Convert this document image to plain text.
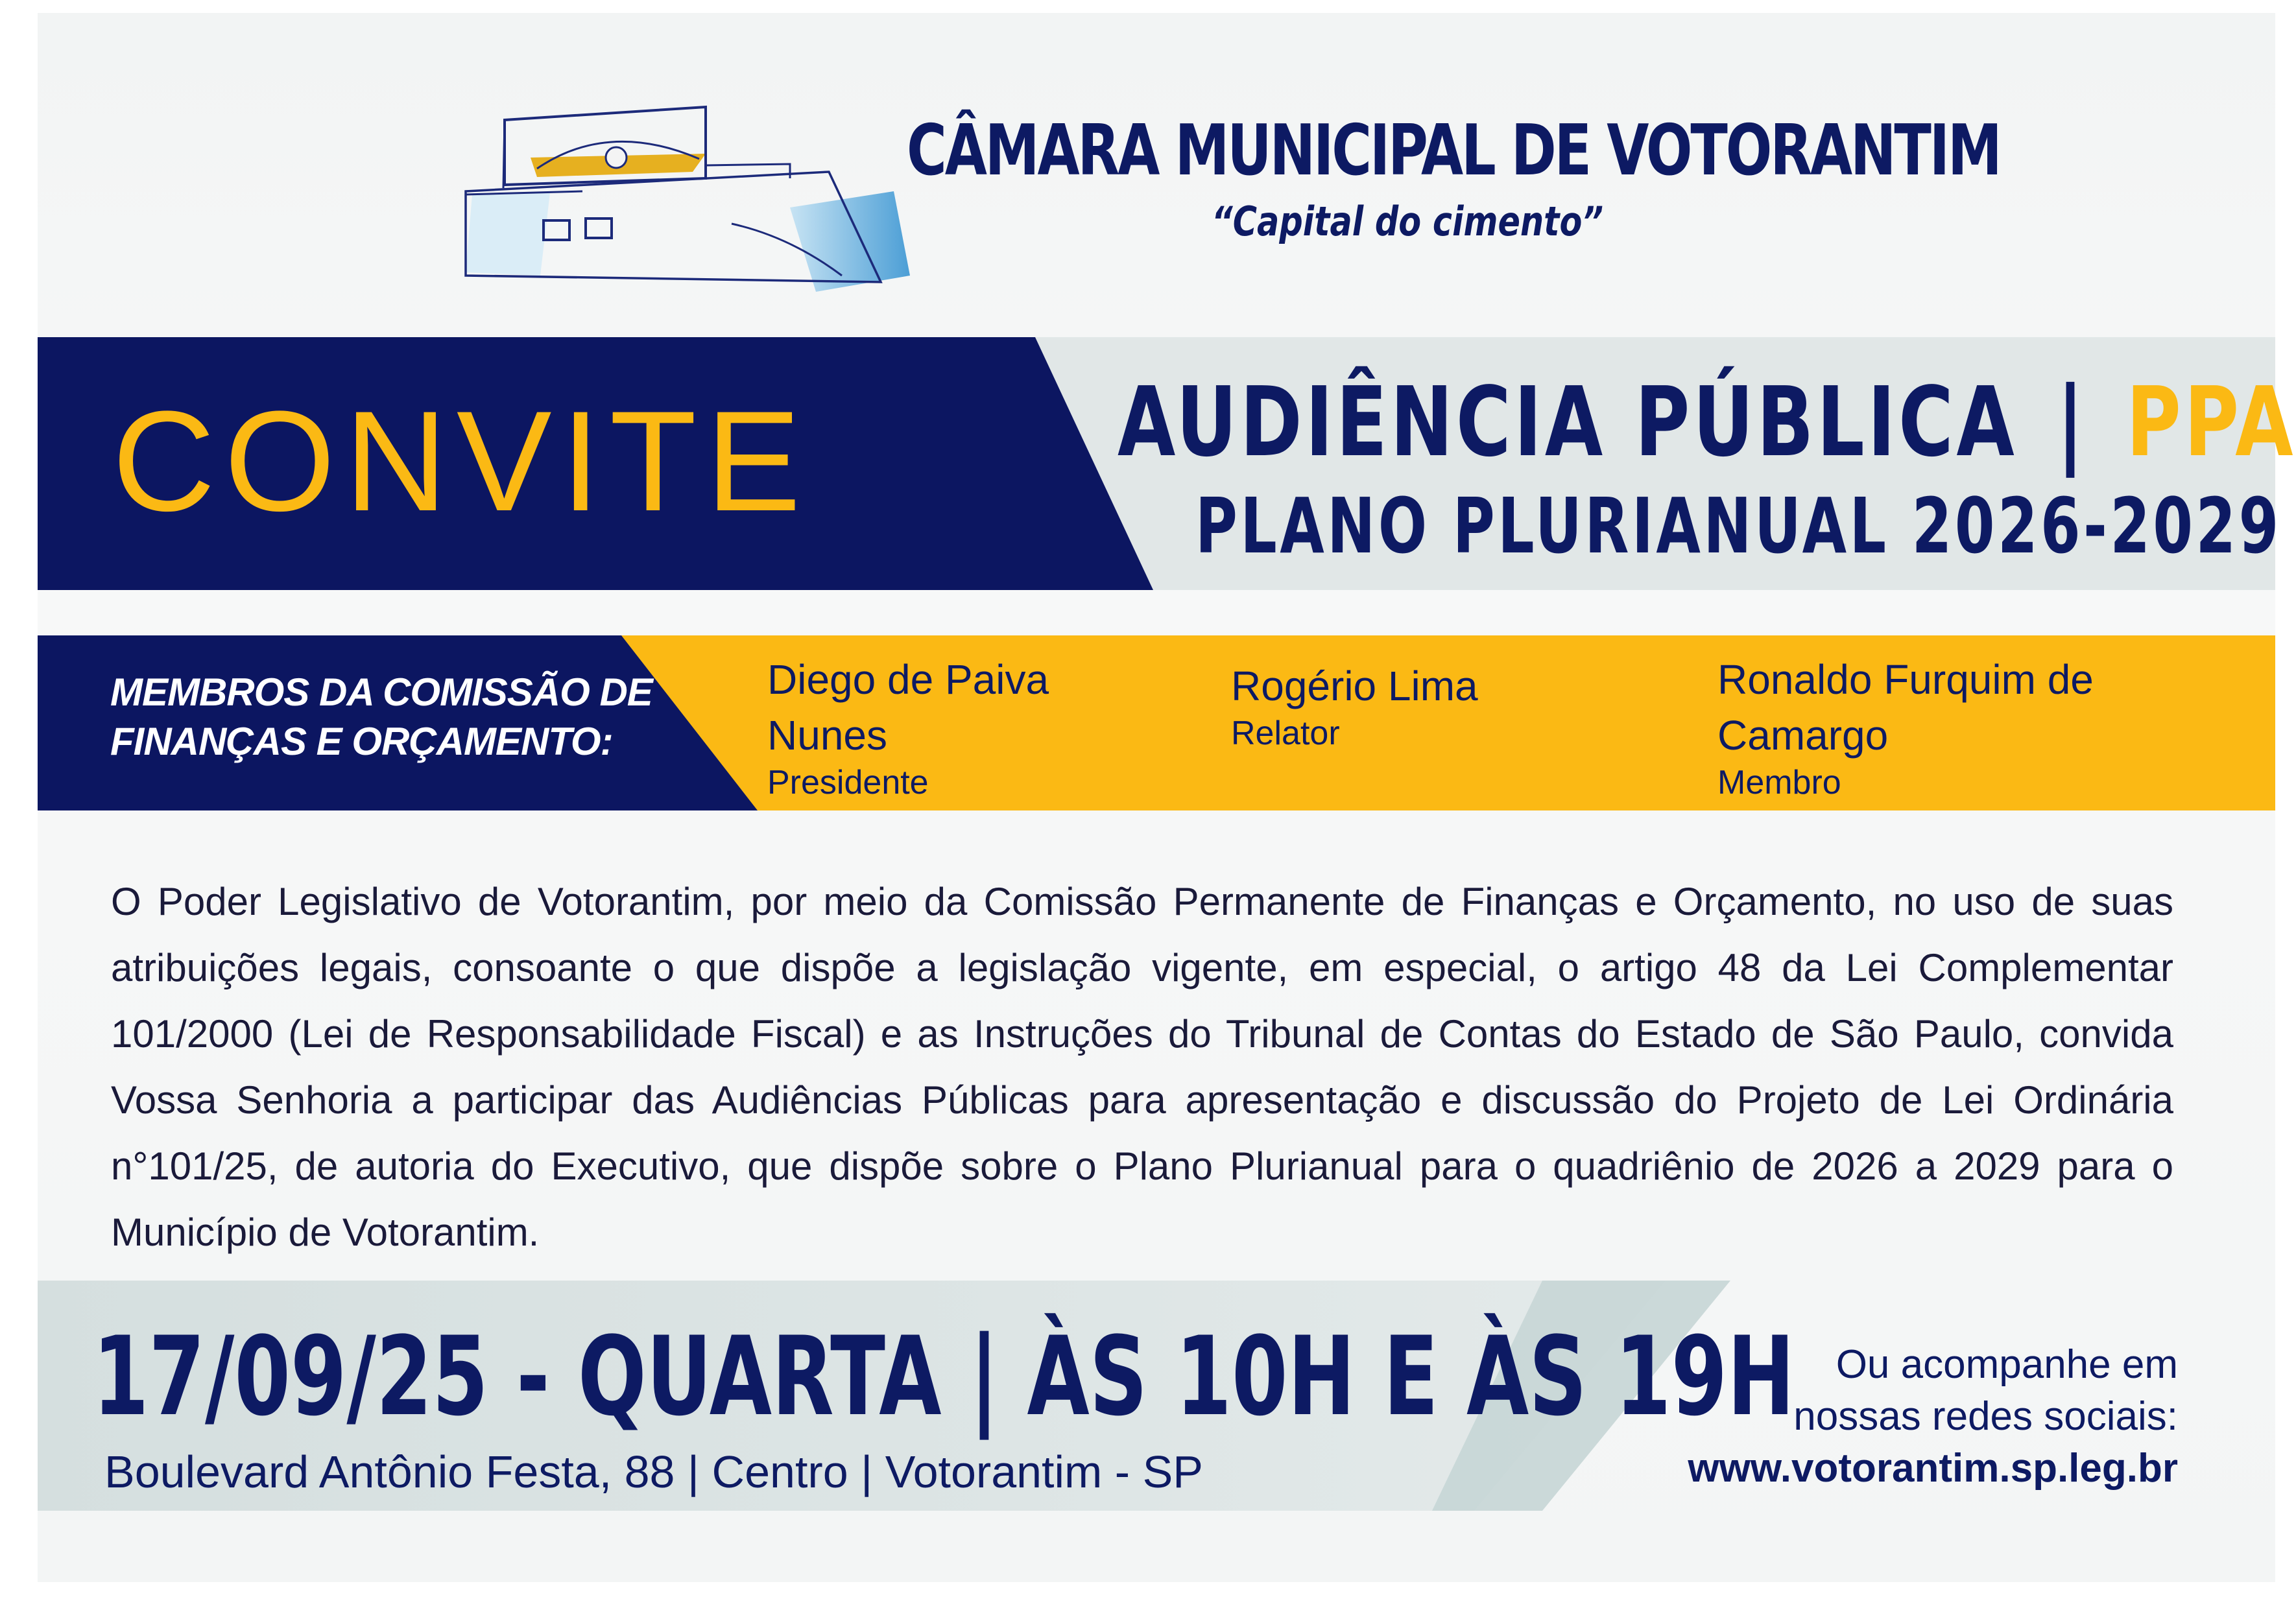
CÂMARA MUNICIPAL DE VOTORANTIM
“Capital do cimento”
CONVITE	AUDIÊNCIA PÚBLICA | PPA
PLANO PLURIANUAL 2026-2029
MEMBROS DA COMISSÃO DE
FINANÇAS E ORÇAMENTO:
Diego de Paiva Nunes
Presidente
Rogério Lima
Relator
Ronaldo Furquim de Camargo
Membro
O Poder Legislativo de Votorantim, por meio da Comissão Permanente de Finanças e Orçamento, no uso de suas atribuições legais, consoante o que dispõe a legislação vigente, em especial, o artigo 48 da Lei Complementar 101/2000 (Lei de Responsabilidade Fiscal) e as Instruções do Tribunal de Contas do Estado de São Paulo, convida Vossa Senhoria a participar das Audiências Públicas para apresentação e discussão do Projeto de Lei Ordinária n°101/25, de autoria do Executivo, que dispõe sobre o Plano Plurianual para o quadriênio de 2026 a 2029 para o Município de Votorantim.
17/09/25 - QUARTA | ÀS 10H E ÀS 19H
Boulevard Antônio Festa, 88 | Centro | Votorantim - SP
Ou acompanhe em
nossas redes sociais:
www.votorantim.sp.leg.br
